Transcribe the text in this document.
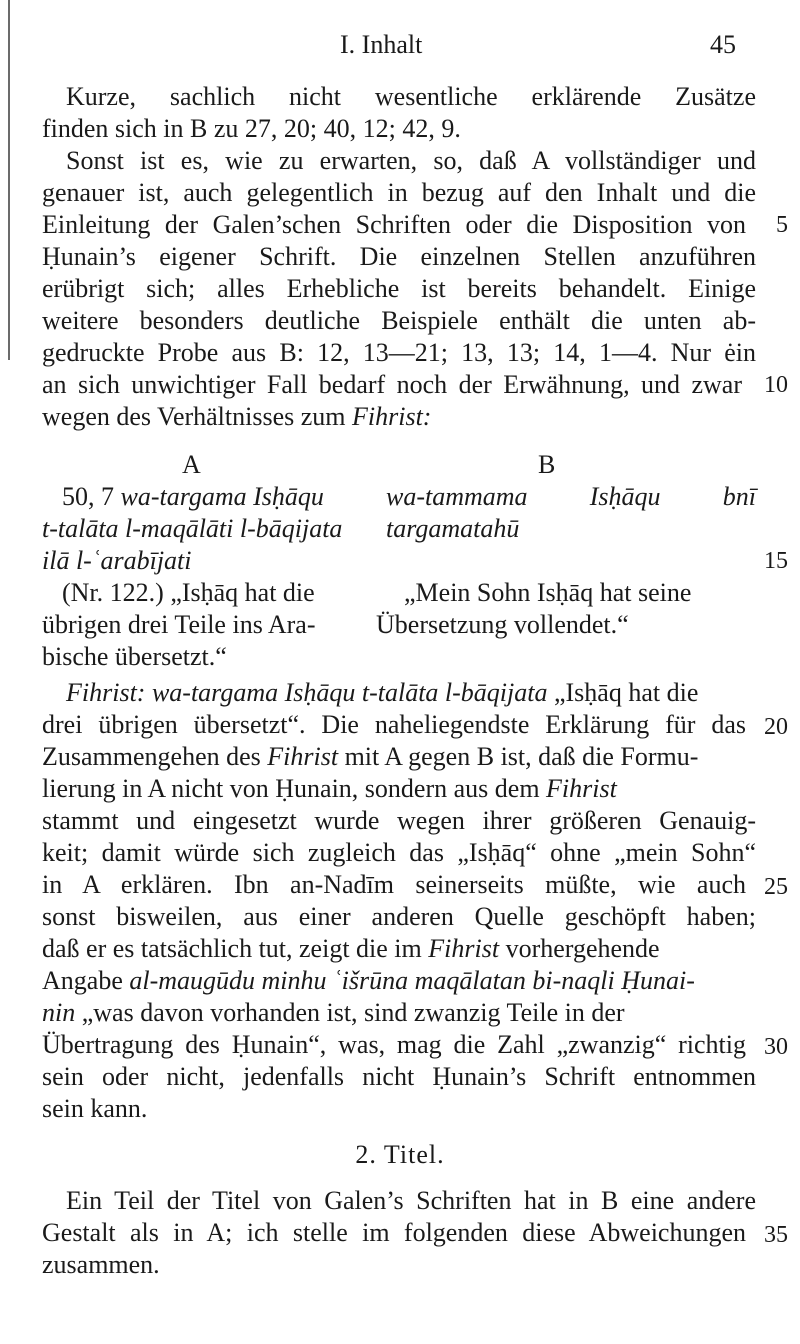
I. Inhalt	45
Kurze, sachlich nicht wesentliche erklärende Zusätze
finden sich in B zu 27, 20; 40, 12; 42, 9.
Sonst ist es, wie zu erwarten, so, daß A vollständiger und
genauer ist, auch gelegentlich in bezug auf den Inhalt und die
Einleitung der Galen’schen Schriften oder die Disposition von	5
Ḥunain’s eigener Schrift. Die einzelnen Stellen anzuführen
erübrigt sich; alles Erhebliche ist bereits behandelt. Einige
weitere besonders deutliche Beispiele enthält die unten ab-
gedruckte Probe aus B: 12, 13—21; 13, 13; 14, 1—4. Nur ėin
an sich unwichtiger Fall bedarf noch der Erwähnung, und zwar 10
wegen des Verhältnisses zum Fihrist:
A	B
50, 7 wa-targama Isḥāqu	wa-tammama Isḥāqu bnī
t-talāta l-maqālāti l-bāqijata	targamatahū
ilā l-ʿarabījati	15
(Nr. 122.) „Isḥāq hat die	„Mein Sohn Isḥāq hat seine
übrigen drei Teile ins Ara-	Übersetzung vollendet.“
bische übersetzt.“
Fihrist: wa-targama Isḥāqu t-talāta l-bāqijata „Isḥāq hat die
drei übrigen übersetzt“. Die naheliegendste Erklärung für das 20
Zusammengehen des Fihrist mit A gegen B ist, daß die Formu-
lierung in A nicht von Ḥunain, sondern aus dem Fihrist
stammt und eingesetzt wurde wegen ihrer größeren Genauig-
keit; damit würde sich zugleich das „Isḥāq“ ohne „mein Sohn“
in A erklären. Ibn an-Nadīm seinerseits müßte, wie auch 25
sonst bisweilen, aus einer anderen Quelle geschöpft haben;
daß er es tatsächlich tut, zeigt die im Fihrist vorhergehende
Angabe al-maugūdu minhu ʿišrūna maqālatan bi-naqli Ḥunai-
nin „was davon vorhanden ist, sind zwanzig Teile in der
Übertragung des Ḥunain“, was, mag die Zahl „zwanzig“ richtig 30
sein oder nicht, jedenfalls nicht Ḥunain’s Schrift entnommen
sein kann.
2. Titel.
Ein Teil der Titel von Galen’s Schriften hat in B eine andere
Gestalt als in A; ich stelle im folgenden diese Abweichungen 35
zusammen.
